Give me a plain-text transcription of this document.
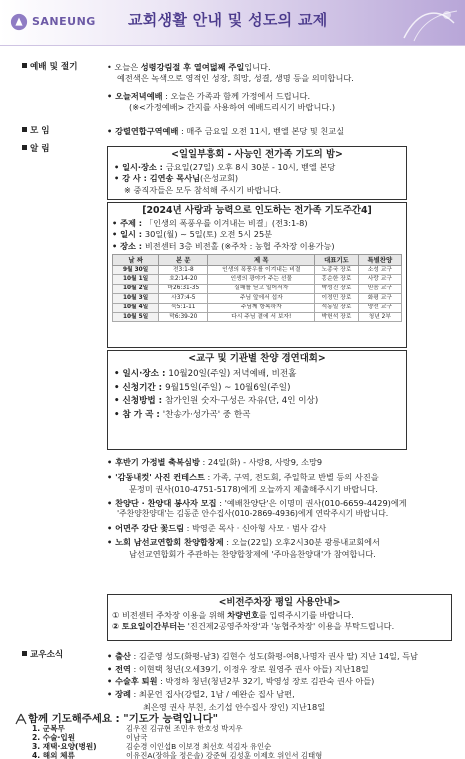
SANEUNG 교회생활 안내 및 성도의 교제
예배 및 절기	• 오늘은 성령강림절 후 열여덟째 주일입니다.
예전색은 녹색으로 영적인 성장, 희망, 성결, 생명 등을 의미합니다.
• 오늘저녁예배 : 오늘은 가족과 함께 가정에서 드립니다.
(※<가정예배> 간지를 사용하여 예배드리시기 바랍니다.)
모 임	• 강렬연합구역예배 : 매주 금요일 오전 11시, 벧엘 본당 및 친교실
알 림	<일일부흥회 - 사능인 전가족 기도의 밤>
• 일시·장소 : 금요일(27일) 오후 8시 30분 - 10시, 벧엘 본당
• 강 사 : 김연송 목사님(은성교회)
※ 중직자들은 모두 참석해 주시기 바랍니다.
[2024년 사랑과 능력으로 인도하는 전가족 기도주간4]
• 주제 : 「인생의 폭풍우를 이겨내는 비결」(전3:1-8)
• 일시 : 30일(월) ~ 5일(토) 오전 5시 25분
• 장소 : 비전센터 3층 비전홀 (※주차 : 농협 주차장 이용가능)
날 짜	본 문	제 목	대표기도	특별찬양
9월 30일	전3:1-8	인생의 폭풍우를 이겨내는 비결	노종국 장로	소성 교구
10월 1일	호2:14-20	인생의 광야가 주는 선물	홍순한 장로	사랑 교구
10월 2일	마26:31-35	실패를 딛고 일어서자	박성진 장로	믿음 교구
10월 3일	사37:4-5	주님 앞에서 섭자	이정민 장로	화평 교구
10월 4일	눅5:1-11	주님께 항복하자	석동일 장로	양선 교구
10월 5일	막6:39-20	다시 주님 곁에 서 보자!	박헌석 장로	청년 2부
<교구 및 기관별 찬양 경연대회>
• 일시·장소 : 10월20일(주일) 저녁예배, 비전홀
• 신청기간 : 9월15일(주일) ~ 10월6일(주일)
• 신청방법 : 참가인원 숫자·구성은 자유(단, 4인 이상)
• 참 가 곡 : '찬송가·성가곡' 중 한곡
• 후반기 가정별 축복심방 : 24일(화) - 사랑8, 사랑9, 소망9
• '감동내컷' 사진 컨테스트 : 가족, 구역, 전도회, 주일학교 반별 등의 사진을
문정미 권사(010-4751-5178)에게 오늘까지 제출해주시기 바랍니다.
• 찬양단 · 찬양대 봉사자 모집 : '예배찬양단'은 이명미 권사(010-6659-4429)에게
'주찬양찬양대'는 김동준 안수집사(010-2869-4936)에게 연락주시기 바랍니다.
• 어면주 강단 꽃드림 : 박영준 목사 · 신아형 사모 · 범사 감사
• 노회 남선교연합회 찬양합창제 : 오늘(22일) 오후2시30분 광릉내교회에서
남선교연합회가 주관하는 찬양합창제에 '주마음찬양대'가 참여합니다.
<비전주차장 평일 사용안내>
① 비전센터 주차장 이용을 위해 차량번호를 입력주시기를 바랍니다.
② 토요일이간부터는 '진건제2공영주차장'과 '농협주차장' 이용을 부탁드립니다.
교우소식	• 출산 : 김준영 성도(화평-남3) 김현수 성도(화평-여8,나명자 권사 딸) 지난 14일, 득남
• 전역 : 이현택 청년(오세39기, 이정우 장로 원영주 권사 아들) 지난18일
• 수술후 퇴원 : 박정하 청년(청년2부 32기, 박영성 장로 김관숙 권사 아들)
• 장례 : 최문언 집사(강렬2, 1남 / 예완순 집사 남편,
최은영 권사 부친, 소기섭 안수집사 장인) 지난18일
함께 기도해주세요 : "기도가 능력입니다"
1. 군복무	김우진 김규현 조민우 한호성 박지우
2. 수술·입원	이남국
3. 재택·요양(병원)	김순경 이인섭B 이보경 최선호 석김자 유인순
4. 해외 체류	이유진A(장하을 정은솔) 강준혁 김성훈 이제호 위인서 김태형
